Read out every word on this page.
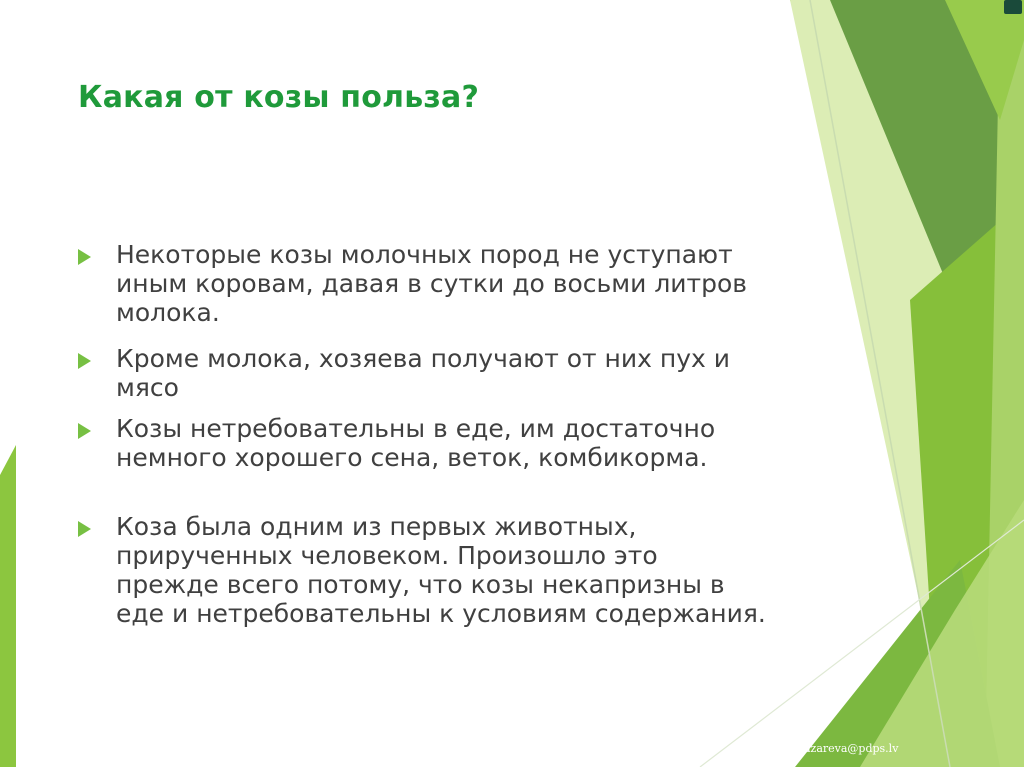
Какая от козы польза?
Некоторые козы молочных пород не уступают иным коровам, давая в сутки до восьми литров молока.
Кроме молока, хозяева получают от них пух и мясо
Козы нетребовательны в еде, им достаточно немного хорошего сена, веток, комбикорма.
Коза была одним из первых животных, прирученных человеком. Произошло это прежде всего потому, что козы некапризны в еде и нетребовательны к условиям содержания.
, e-mail: lazareva@pdps.lv
